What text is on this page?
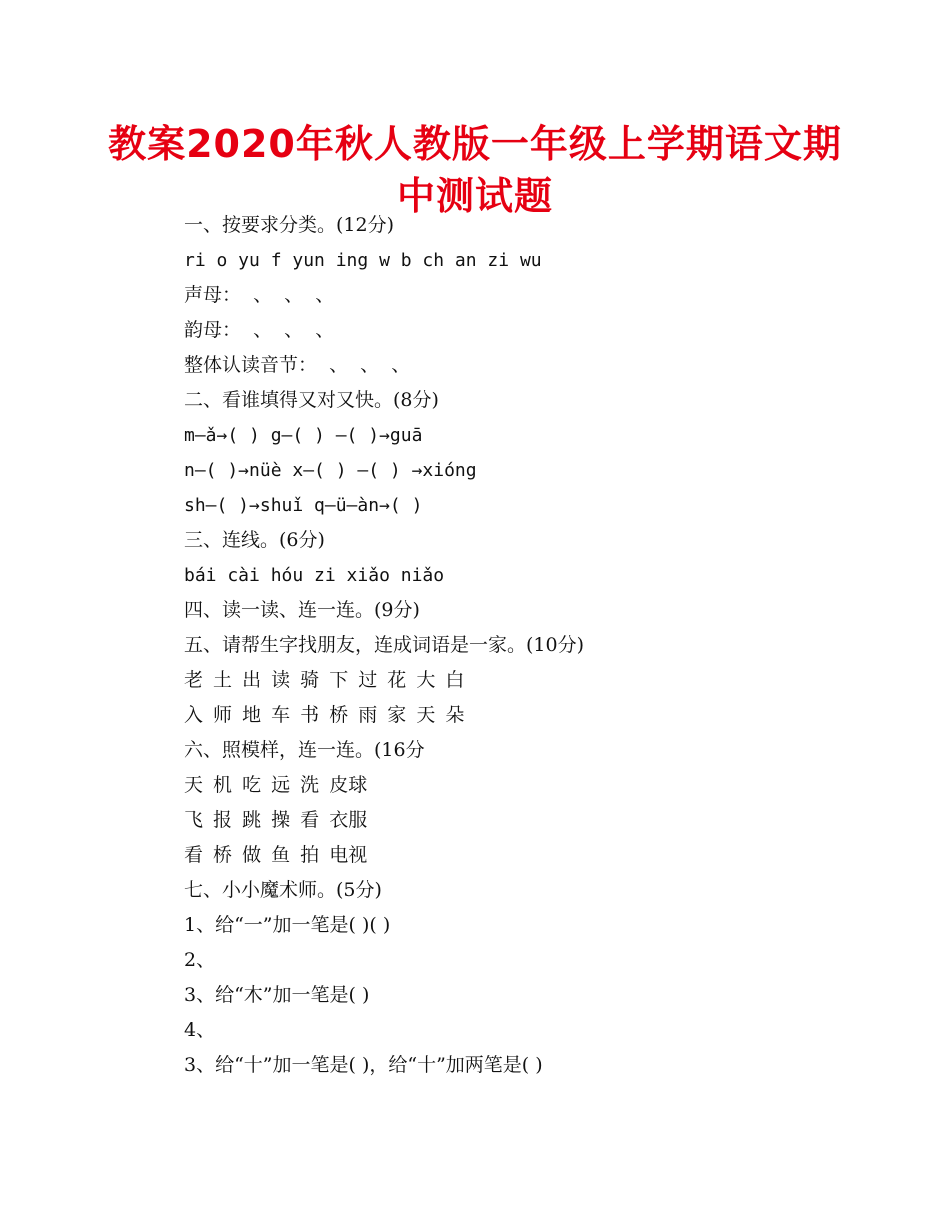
教案2020年秋人教版一年级上学期语文期
中测试题
一、按要求分类。(12分)
ri o yu f yun ing w b ch an zi wu
声母：  、  、  、
韵母：  、  、  、
整体认读音节：  、  、  、
二、看谁填得又对又快。(8分)
m—ǎ→( ) g—( ) —( )→guā
n—( )→nüè x—( ) —( ) →xióng
sh—( )→shuǐ q—ü—àn→( )
三、连线。(6分)
bái cài hóu zi xiǎo niǎo
四、读一读、连一连。(9分)
五、请帮生字找朋友，连成词语是一家。(10分)
老 土 出 读 骑 下 过 花 大 白
入 师 地 车 书 桥 雨 家 天 朵
六、照模样，连一连。(16分
天 机 吃 远 洗 皮球
飞 报 跳 操 看 衣服
看 桥 做 鱼 拍 电视
七、小小魔术师。(5分)
1、给“一”加一笔是( )( )
2、
3、给“木”加一笔是( )
4、
3、给“十”加一笔是( )，给“十”加两笔是( )
